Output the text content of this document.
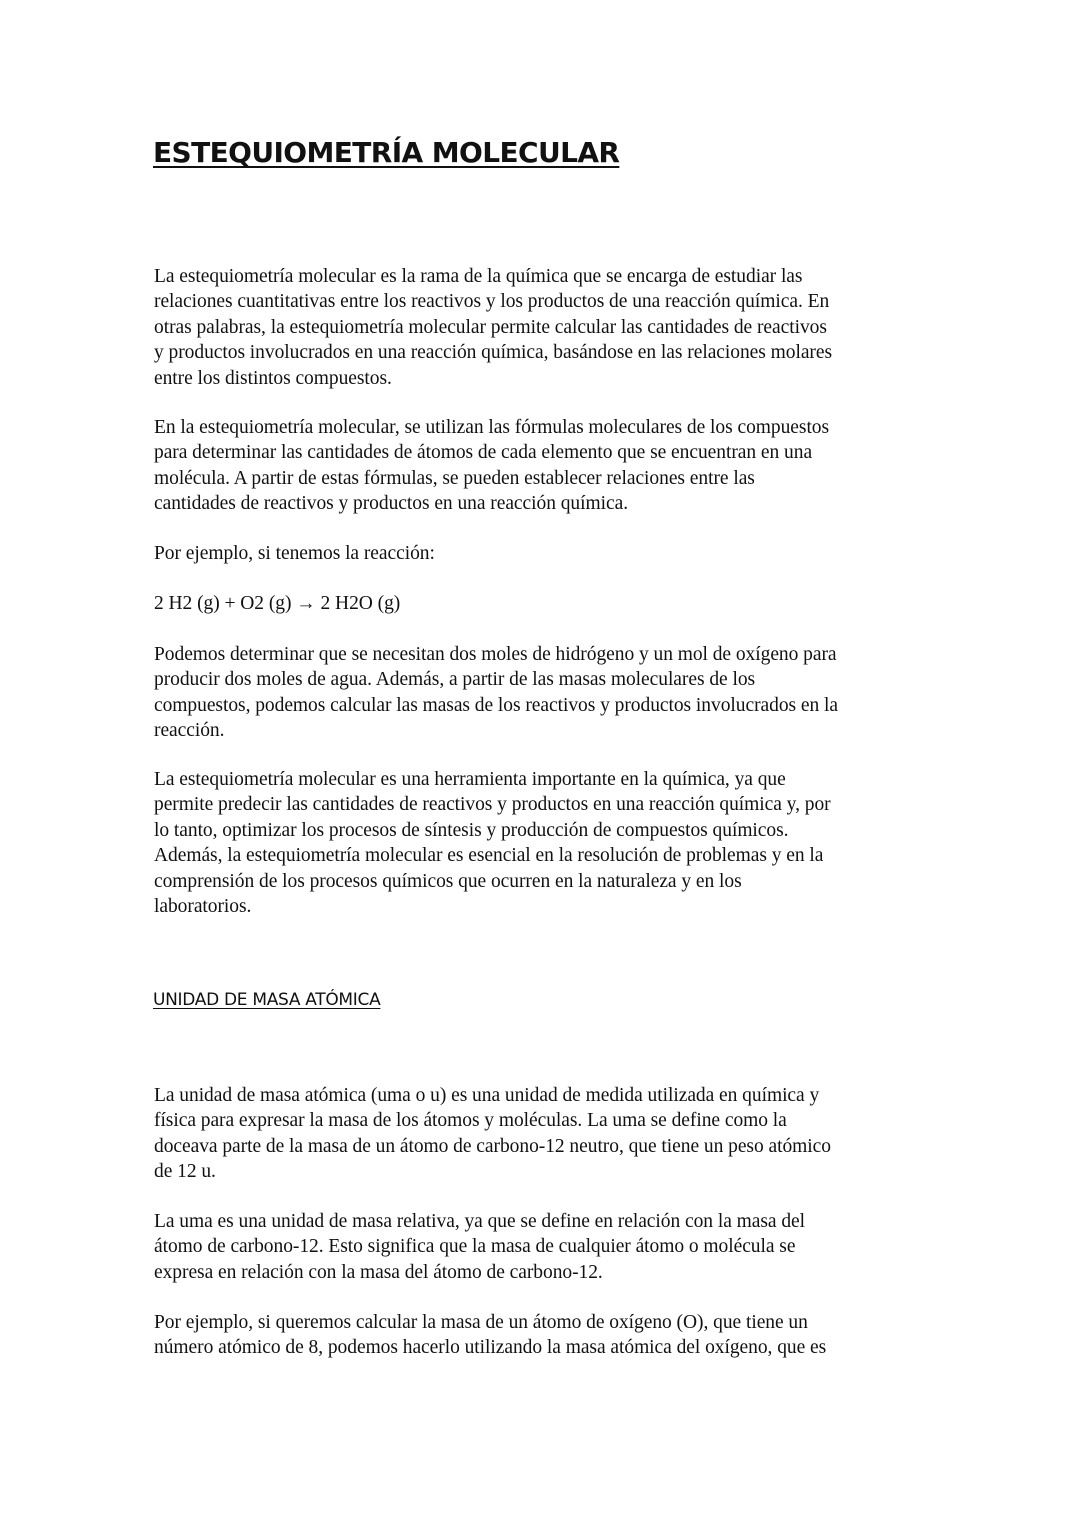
ESTEQUIOMETRÍA MOLECULAR

La estequiometría molecular es la rama de la química que se encarga de estudiar las
relaciones cuantitativas entre los reactivos y los productos de una reacción química. En
otras palabras, la estequiometría molecular permite calcular las cantidades de reactivos
y productos involucrados en una reacción química, basándose en las relaciones molares
entre los distintos compuestos.

En la estequiometría molecular, se utilizan las fórmulas moleculares de los compuestos
para determinar las cantidades de átomos de cada elemento que se encuentran en una
molécula. A partir de estas fórmulas, se pueden establecer relaciones entre las
cantidades de reactivos y productos en una reacción química.

Por ejemplo, si tenemos la reacción:

2 H2 (g) + O2 (g) → 2 H2O (g)

Podemos determinar que se necesitan dos moles de hidrógeno y un mol de oxígeno para
producir dos moles de agua. Además, a partir de las masas moleculares de los
compuestos, podemos calcular las masas de los reactivos y productos involucrados en la
reacción.

La estequiometría molecular es una herramienta importante en la química, ya que
permite predecir las cantidades de reactivos y productos en una reacción química y, por
lo tanto, optimizar los procesos de síntesis y producción de compuestos químicos.
Además, la estequiometría molecular es esencial en la resolución de problemas y en la
comprensión de los procesos químicos que ocurren en la naturaleza y en los
laboratorios.

UNIDAD DE MASA ATÓMICA

La unidad de masa atómica (uma o u) es una unidad de medida utilizada en química y
física para expresar la masa de los átomos y moléculas. La uma se define como la
doceava parte de la masa de un átomo de carbono-12 neutro, que tiene un peso atómico
de 12 u.

La uma es una unidad de masa relativa, ya que se define en relación con la masa del
átomo de carbono-12. Esto significa que la masa de cualquier átomo o molécula se
expresa en relación con la masa del átomo de carbono-12.

Por ejemplo, si queremos calcular la masa de un átomo de oxígeno (O), que tiene un
número atómico de 8, podemos hacerlo utilizando la masa atómica del oxígeno, que es
